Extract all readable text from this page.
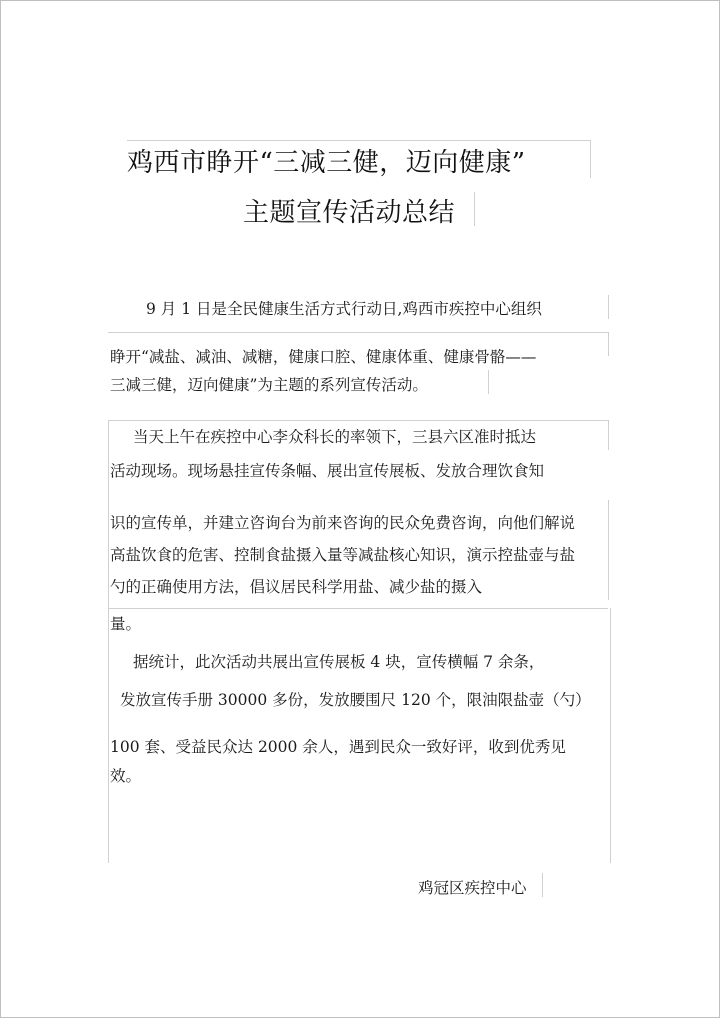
鸡西市睁开“三减三健，迈向健康”
主题宣传活动总结
9 月 1 日是全民健康生活方式行动日,鸡西市疾控中心组织
睁开“减盐、减油、减糖，健康口腔、健康体重、健康骨骼——
三减三健，迈向健康”为主题的系列宣传活动。
当天上午在疾控中心李众科长的率领下，三县六区准时抵达
活动现场。现场悬挂宣传条幅、展出宣传展板、发放合理饮食知
识的宣传单，并建立咨询台为前来咨询的民众免费咨询，向他们解说
高盐饮食的危害、控制食盐摄入量等减盐核心知识，演示控盐壶与盐
勺的正确使用方法，倡议居民科学用盐、减少盐的摄入
量。
据统计，此次活动共展出宣传展板 4 块，宣传横幅 7 余条，
发放宣传手册 30000 多份，发放腰围尺 120 个，限油限盐壶（勺）
100 套、受益民众达 2000 余人，遇到民众一致好评，收到优秀见
效。
鸡冠区疾控中心
